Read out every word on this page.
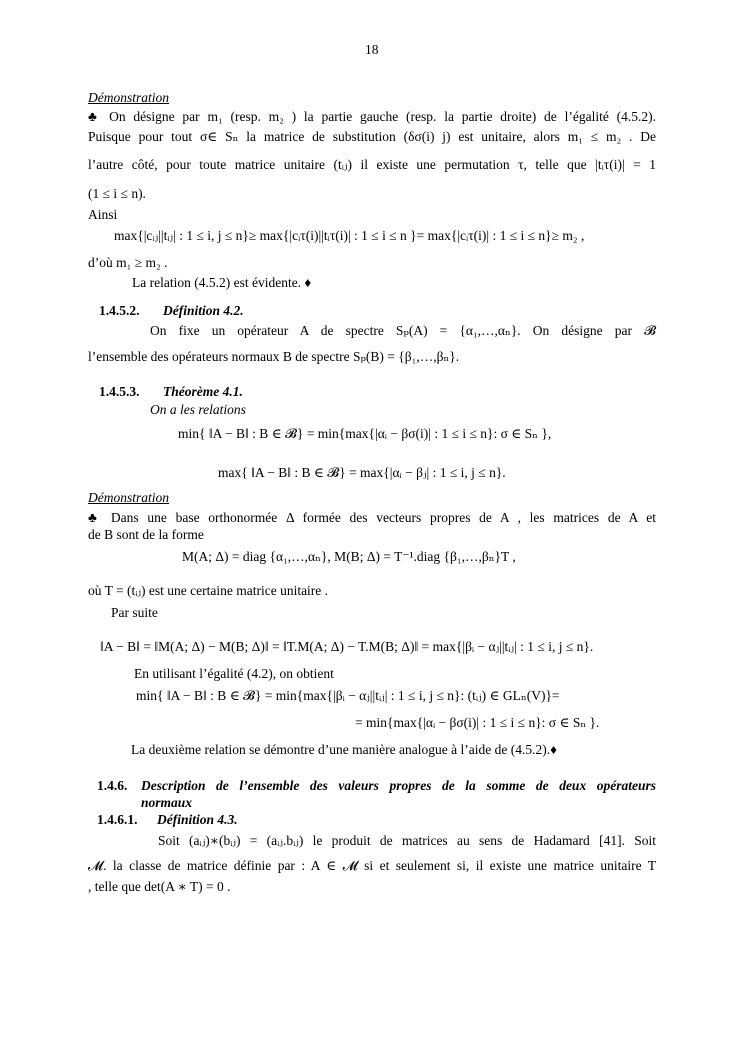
18
Démonstration
♣ On désigne par m₁ (resp. m₂ ) la partie gauche (resp. la partie droite) de l’égalité (4.5.2).
Puisque pour tout σ∈ Sₙ la matrice de substitution (δσ(i) j) est unitaire, alors m₁ ≤ m₂ . De
l’autre côté, pour toute matrice unitaire (tᵢⱼ) il existe une permutation τ, telle que |tᵢτ(i)| = 1
(1 ≤ i ≤ n).
Ainsi
max{|cᵢⱼ||tᵢⱼ| : 1 ≤ i, j ≤ n}≥ max{|cᵢτ(i)||tᵢτ(i)| : 1 ≤ i ≤ n }= max{|cᵢτ(i)| : 1 ≤ i ≤ n}≥ m₂ ,
d’où m₁ ≥ m₂ .
La relation (4.5.2) est évidente. ♦
1.4.5.2. Définition 4.2.
On fixe un opérateur A de spectre Sₚ(A) = {α₁,…,αₙ}. On désigne par 𝓑
l’ensemble des opérateurs normaux B de spectre Sₚ(B) = {β₁,…,βₙ}.
1.4.5.3. Théorème 4.1.
On a les relations
min{ ‖A − B‖ : B ∈ 𝓑} = min{max{|αᵢ − βσ(i)| : 1 ≤ i ≤ n}: σ ∈ Sₙ },
max{ ‖A − B‖ : B ∈ 𝓑} = max{|αᵢ − βⱼ| : 1 ≤ i, j ≤ n}.
Démonstration
♣ Dans une base orthonormée Δ formée des vecteurs propres de A , les matrices de A et
de B sont de la forme
M(A; Δ) = diag {α₁,…,αₙ}, M(B; Δ) = T⁻¹.diag {β₁,…,βₙ}T ,
où T = (tᵢⱼ) est une certaine matrice unitaire .
Par suite
‖A − B‖ = ‖M(A; Δ) − M(B; Δ)‖ = ‖T.M(A; Δ) − T.M(B; Δ)‖ = max{|βᵢ − αⱼ||tᵢⱼ| : 1 ≤ i, j ≤ n}.
En utilisant l’égalité (4.2), on obtient
min{ ‖A − B‖ : B ∈ 𝓑} = min{max{|βᵢ − αⱼ||tᵢⱼ| : 1 ≤ i, j ≤ n}: (tᵢⱼ) ∈ GLₙ(V)}=
= min{max{|αᵢ − βσ(i)| : 1 ≤ i ≤ n}: σ ∈ Sₙ }.
La deuxième relation se démontre d’une manière analogue à l’aide de (4.5.2).♦
1.4.6. Description de l’ensemble des valeurs propres de la somme de deux opérateurs
normaux
1.4.6.1. Définition 4.3.
Soit (aᵢⱼ)∗(bᵢⱼ) = (aᵢⱼ.bᵢⱼ) le produit de matrices au sens de Hadamard [41]. Soit
𝓜. la classe de matrice définie par : A ∈ 𝓜 si et seulement si, il existe une matrice unitaire T
, telle que det(A ∗ T) = 0 .
